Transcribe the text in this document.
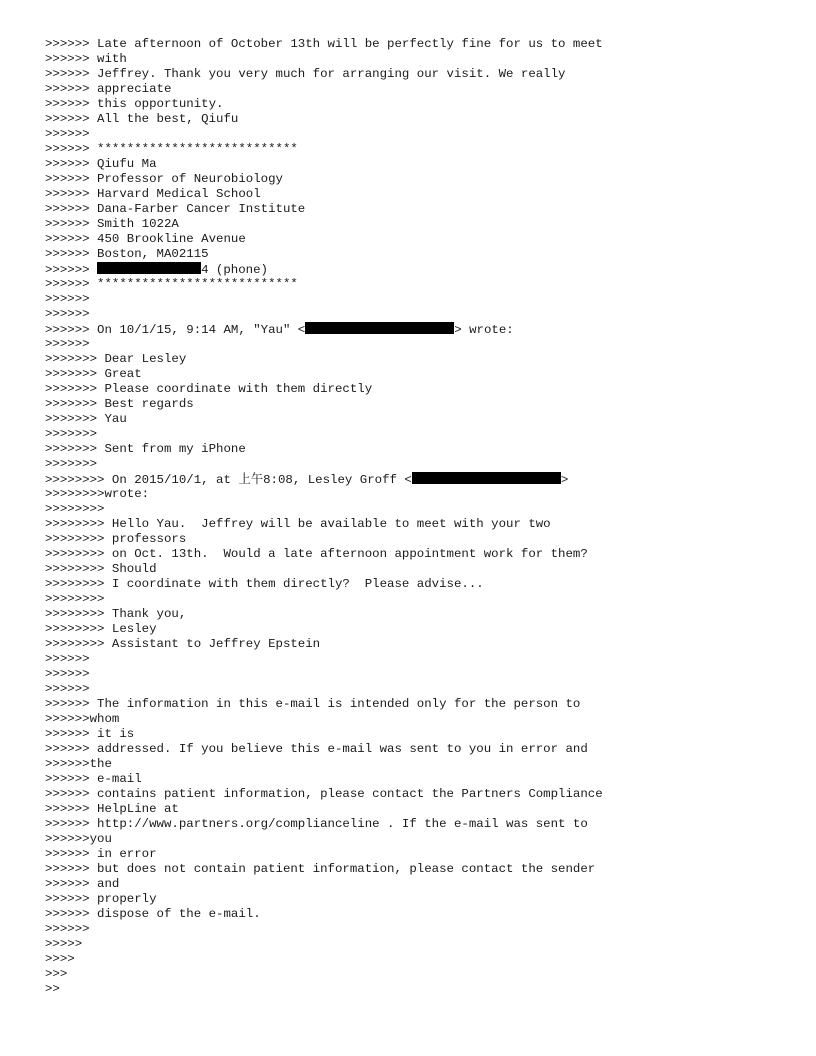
>>>>>> Late afternoon of October 13th will be perfectly fine for us to meet
>>>>>> with
>>>>>> Jeffrey. Thank you very much for arranging our visit. We really
>>>>>> appreciate
>>>>>> this opportunity.
>>>>>> All the best, Qiufu
>>>>>>
>>>>>> ***************************
>>>>>> Qiufu Ma
>>>>>> Professor of Neurobiology
>>>>>> Harvard Medical School
>>>>>> Dana-Farber Cancer Institute
>>>>>> Smith 1022A
>>>>>> 450 Brookline Avenue
>>>>>> Boston, MA02115
>>>>>>	4 (phone)
>>>>>> ***************************
>>>>>>
>>>>>>
>>>>>> On 10/1/15, 9:14 AM, "Yau" <	> wrote:
>>>>>>
>>>>>>> Dear Lesley
>>>>>>> Great
>>>>>>> Please coordinate with them directly
>>>>>>> Best regards
>>>>>>> Yau
>>>>>>>
>>>>>>> Sent from my iPhone
>>>>>>>
>>>>>>>> On 2015/10/1, at 上午8:08, Lesley Groff <	>
>>>>>>>>wrote:
>>>>>>>>
>>>>>>>> Hello Yau.  Jeffrey will be available to meet with your two
>>>>>>>> professors
>>>>>>>> on Oct. 13th.  Would a late afternoon appointment work for them?
>>>>>>>> Should
>>>>>>>> I coordinate with them directly?  Please advise...
>>>>>>>>
>>>>>>>> Thank you,
>>>>>>>> Lesley
>>>>>>>> Assistant to Jeffrey Epstein
>>>>>>
>>>>>>
>>>>>>
>>>>>> The information in this e-mail is intended only for the person to
>>>>>>whom
>>>>>> it is
>>>>>> addressed. If you believe this e-mail was sent to you in error and
>>>>>>the
>>>>>> e-mail
>>>>>> contains patient information, please contact the Partners Compliance
>>>>>> HelpLine at
>>>>>> http://www.partners.org/complianceline . If the e-mail was sent to
>>>>>>you
>>>>>> in error
>>>>>> but does not contain patient information, please contact the sender
>>>>>> and
>>>>>> properly
>>>>>> dispose of the e-mail.
>>>>>>
>>>>>
>>>>
>>>
>>
